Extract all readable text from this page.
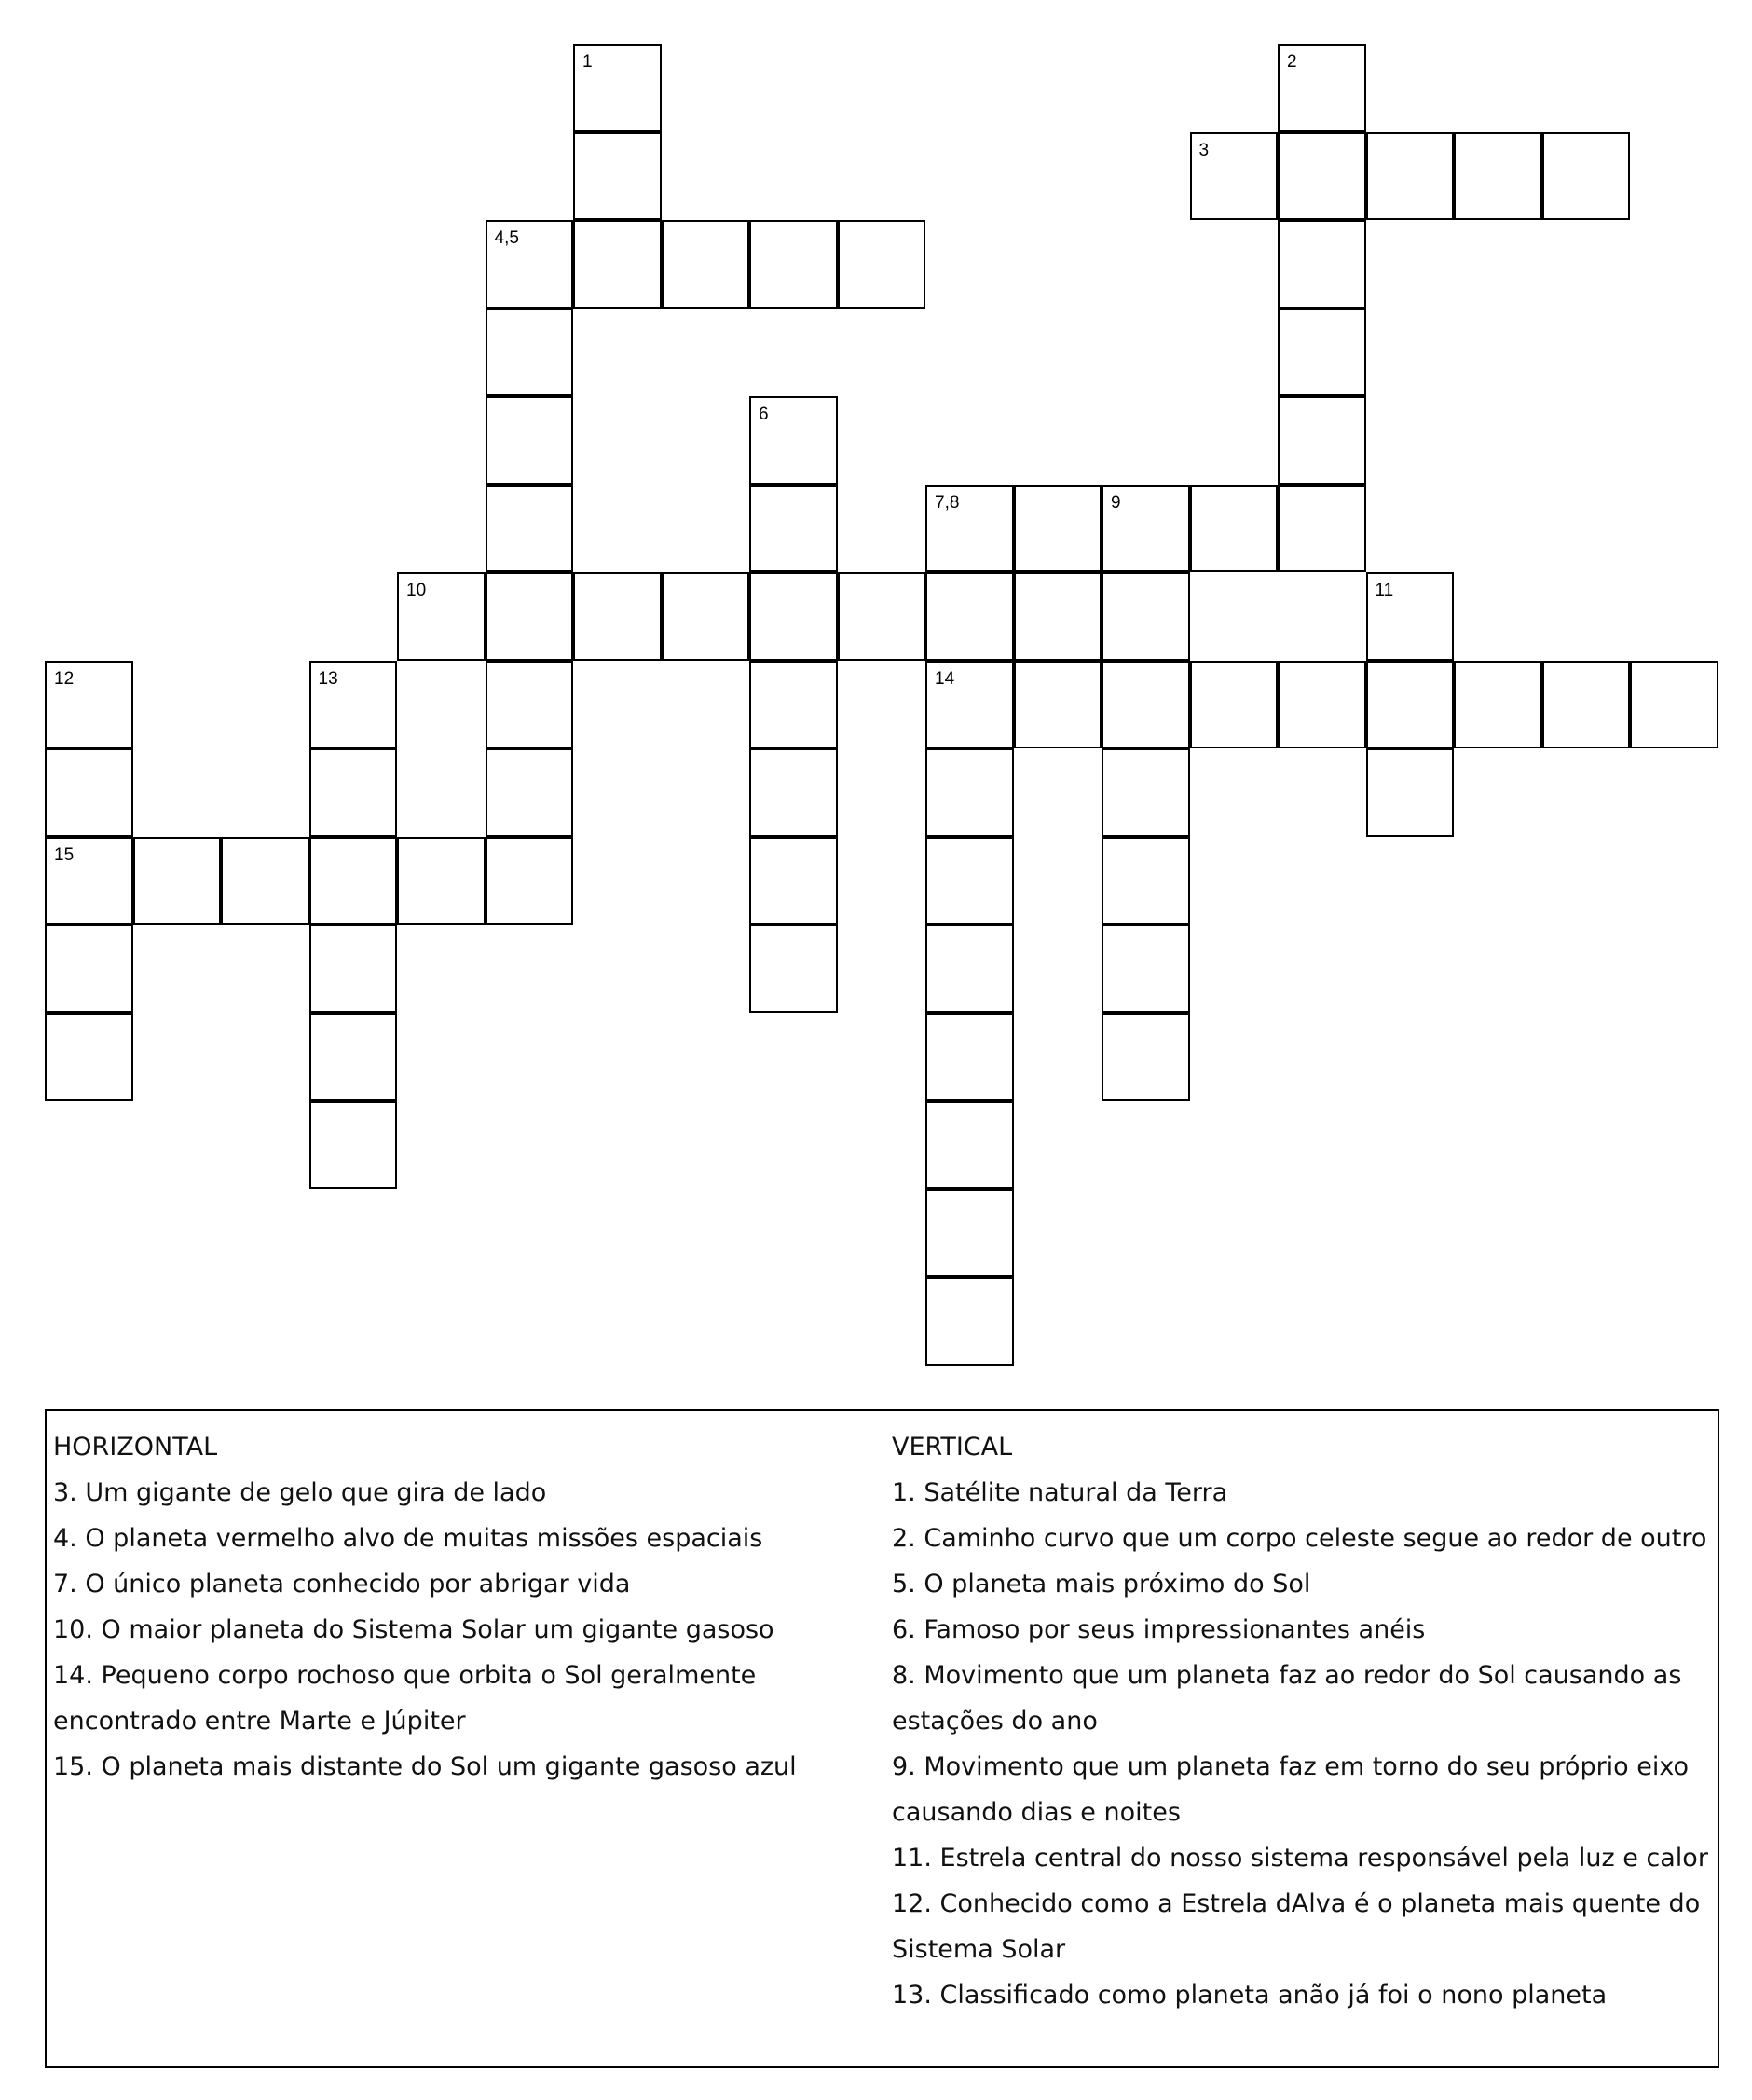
1	2
3
4,5
6
7,8	9
10	11
12	13	14
15
HORIZONTAL
3. Um gigante de gelo que gira de lado
4. O planeta vermelho alvo de muitas missões espaciais
7. O único planeta conhecido por abrigar vida
10. O maior planeta do Sistema Solar um gigante gasoso
14. Pequeno corpo rochoso que orbita o Sol geralmente
encontrado entre Marte e Júpiter
15. O planeta mais distante do Sol um gigante gasoso azul
VERTICAL
1. Satélite natural da Terra
2. Caminho curvo que um corpo celeste segue ao redor de outro
5. O planeta mais próximo do Sol
6. Famoso por seus impressionantes anéis
8. Movimento que um planeta faz ao redor do Sol causando as
estações do ano
9. Movimento que um planeta faz em torno do seu próprio eixo
causando dias e noites
11. Estrela central do nosso sistema responsável pela luz e calor
12. Conhecido como a Estrela dAlva é o planeta mais quente do
Sistema Solar
13. Classificado como planeta anão já foi o nono planeta
